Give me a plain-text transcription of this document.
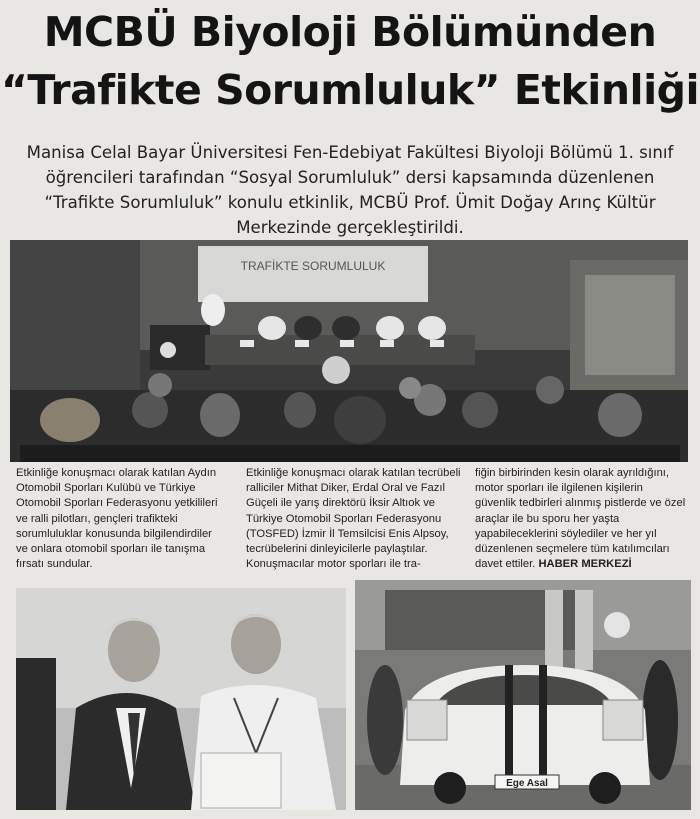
MCBÜ Biyoloji Bölümünden
“Trafikte Sorumluluk” Etkinliği
Manisa Celal Bayar Üniversitesi Fen-Edebiyat Fakültesi Biyoloji Bölümü 1. sınıf öğrencileri tarafından “Sosyal Sorumluluk” dersi kapsamında düzenlenen “Trafikte Sorumluluk” konulu etkinlik, MCBÜ Prof. Ümit Doğay Arınç Kültür Merkezinde gerçekleştirildi.
TRAFİKTE SORUMLULUK
Etkinliğe konuşmacı olarak katılan Aydın Otomobil Sporları Kulübü ve Türkiye Otomobil Sporları Federasyonu yetkilileri ve ralli pilotları, gençleri trafikteki sorumluluklar konusunda bilgilendirdiler ve onlara otomobil sporları ile tanışma fırsatı sundular.
Etkinliğe konuşmacı olarak katılan tecrübeli ralliciler Mithat Diker, Erdal Oral ve Fazıl Güçeli ile yarış direktörü İksir Altıok ve Türkiye Otomobil Sporları Federasyonu (TOSFED) İzmir İl Temsilcisi Enis Alpsoy, tecrübelerini dinleyicilerle paylaştılar. Konuşmacılar motor sporları ile tra-
fiğin birbirinden kesin olarak ayrıldığını, motor sporları ile ilgilenen kişilerin güvenlik tedbirleri alınmış pistlerde ve özel araçlar ile bu sporu her yaşta yapabileceklerini söylediler ve her yıl düzenlenen seçmelere tüm katılımcıları davet ettiler. HABER MERKEZİ
Ege Asal
